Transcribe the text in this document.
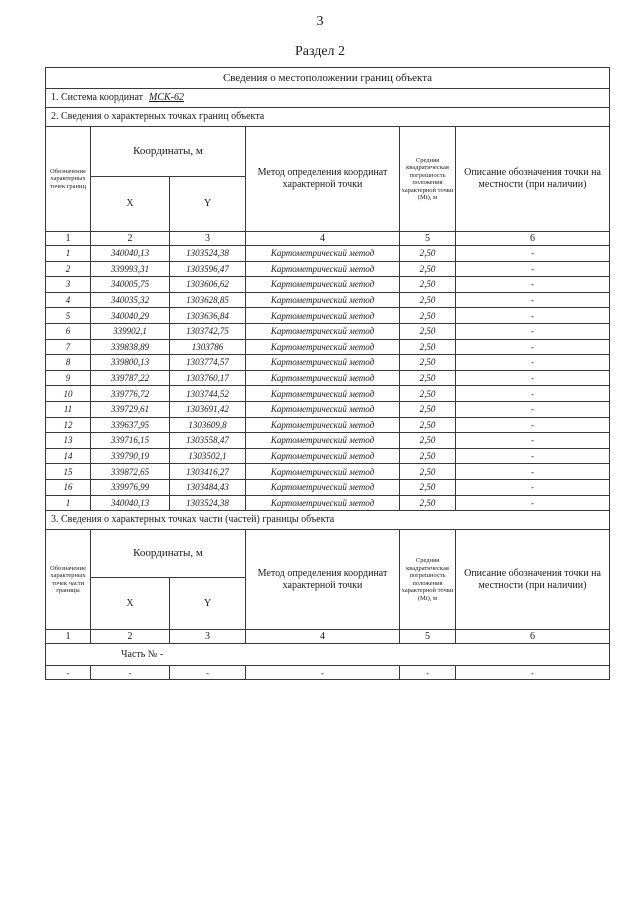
3
Раздел 2
Сведения о местоположении границ объекта					
1. Система координат МСК-62					
2. Сведения о характерных точках границ объекта					
Обозначение характерных точек границ	Координаты, м		Метод определения координат характерной точки	Средняя квадратическая погрешность положения характерной точки (Mt), м	Описание обозначения точки на местности (при наличии)
	X	Y			
1	2	3	4	5	6
1	340040,13	1303524,38	Картометрический метод	2,50	-
2	339993,31	1303596,47	Картометрический метод	2,50	-
3	340005,75	1303606,62	Картометрический метод	2,50	-
4	340035,32	1303628,85	Картометрический метод	2,50	-
5	340040,29	1303636,84	Картометрический метод	2,50	-
6	339902,1	1303742,75	Картометрический метод	2,50	-
7	339838,89	1303786	Картометрический метод	2,50	-
8	339800,13	1303774,57	Картометрический метод	2,50	-
9	339787,22	1303760,17	Картометрический метод	2,50	-
10	339776,72	1303744,52	Картометрический метод	2,50	-
11	339729,61	1303691,42	Картометрический метод	2,50	-
12	339637,95	1303609,8	Картометрический метод	2,50	-
13	339716,15	1303558,47	Картометрический метод	2,50	-
14	339790,19	1303502,1	Картометрический метод	2,50	-
15	339872,65	1303416,27	Картометрический метод	2,50	-
16	339976,99	1303484,43	Картометрический метод	2,50	-
1	340040,13	1303524,38	Картометрический метод	2,50	-
3. Сведения о характерных точках части (частей) границы объекта					
Обозначение характерных точек части границы	Координаты, м		Метод определения координат характерной точки	Средняя квадратическая погрешность положения характерной точки (Mt), м	Описание обозначения точки на местности (при наличии)
	X	Y			
1	2	3	4	5	6
Часть № -					
-	-	-	-	-	-
